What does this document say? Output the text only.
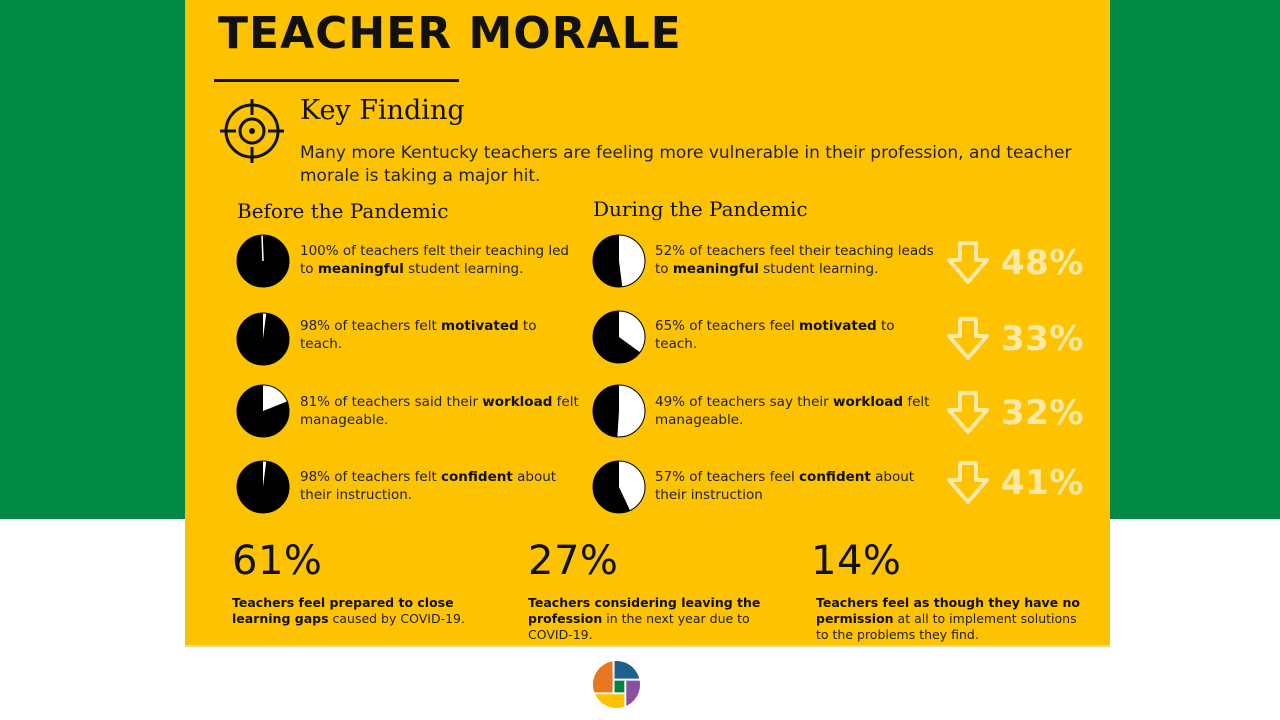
TEACHER MORALE
Key Finding

Many more Kentucky teachers are feeling more vulnerable in their profession, and teacher morale is taking a major hit.

Before the Pandemic	During the Pandemic

100% of teachers felt their teaching led to meaningful student learning.

98% of teachers felt motivated to teach.

81% of teachers said their workload felt manageable.

98% of teachers felt confident about their instruction.

52% of teachers feel their teaching leads to meaningful student learning.

65% of teachers feel motivated to teach.

49% of teachers say their workload felt manageable.

57% of teachers feel confident about their instruction

48%
33%
32%
41%
61%

Teachers feel prepared to close learning gaps caused by COVID-19.

27%

Teachers considering leaving the profession in the next year due to COVID-19.

14%

Teachers feel as though they have no permission at all to implement solutions to the problems they find.
